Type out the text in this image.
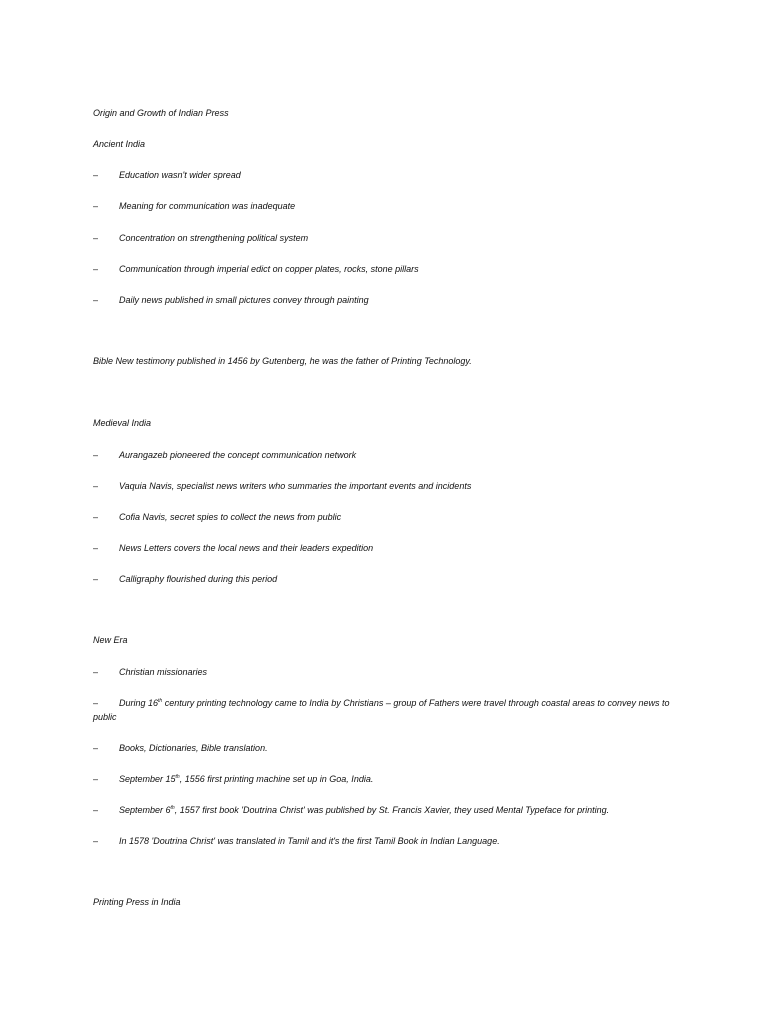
Origin and Growth of Indian Press
Ancient India
–	Education wasn't wider spread
–	Meaning for communication was inadequate
–	Concentration on strengthening political system
–	Communication through imperial edict on copper plates, rocks, stone pillars
–	Daily news published in small pictures convey through painting
Bible New testimony published in 1456 by Gutenberg, he was the father of Printing Technology.
Medieval India
–	Aurangazeb pioneered the concept communication network
–	Vaquia Navis, specialist news writers who summaries the important events and incidents
–	Cofia Navis, secret spies to collect the news from public
–	News Letters covers the local news and their leaders expedition
–	Calligraphy flourished during this period
New Era
–	Christian missionaries
–	During 16th century printing technology came to India by Christians – group of Fathers were travel through coastal areas to convey news to public
–	Books, Dictionaries, Bible translation.
–	September 15th, 1556 first printing machine set up in Goa, India.
–	September 6th, 1557 first book 'Doutrina Christ' was published by St. Francis Xavier, they used Mental Typeface for printing.
–	In 1578 'Doutrina Christ' was translated in Tamil and it's the first Tamil Book in Indian Language.
Printing Press in India
